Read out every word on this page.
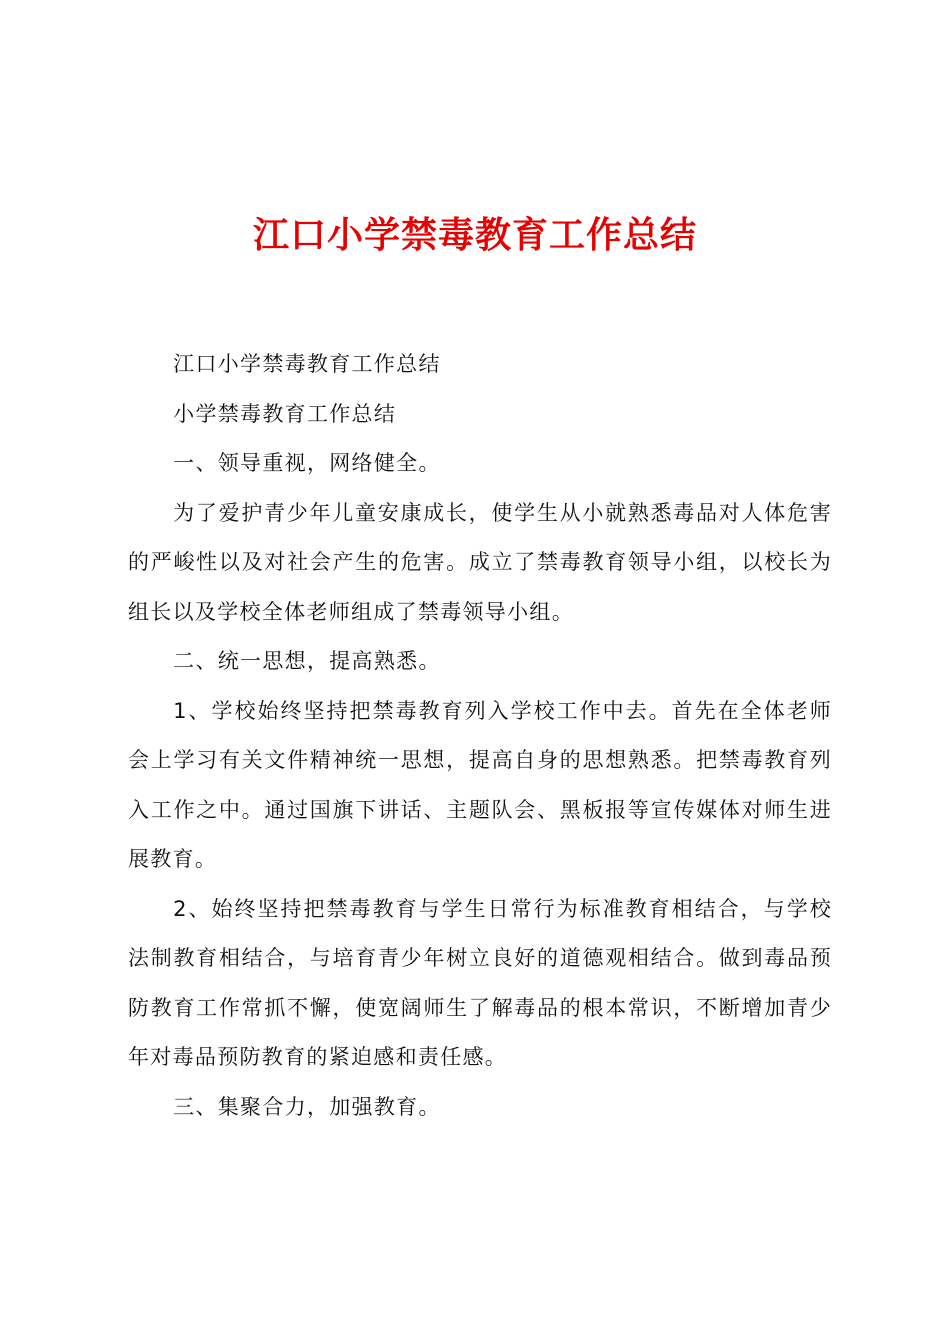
江口小学禁毒教育工作总结

江口小学禁毒教育工作总结

小学禁毒教育工作总结

一、领导重视，网络健全。

为了爱护青少年儿童安康成长，使学生从小就熟悉毒品对人体危害的严峻性以及对社会产生的危害。成立了禁毒教育领导小组，以校长为组长以及学校全体老师组成了禁毒领导小组。

二、统一思想，提高熟悉。

1、学校始终坚持把禁毒教育列入学校工作中去。首先在全体老师会上学习有关文件精神统一思想，提高自身的思想熟悉。把禁毒教育列入工作之中。通过国旗下讲话、主题队会、黑板报等宣传媒体对师生进展教育。

2、始终坚持把禁毒教育与学生日常行为标准教育相结合，与学校法制教育相结合，与培育青少年树立良好的道德观相结合。做到毒品预防教育工作常抓不懈，使宽阔师生了解毒品的根本常识，不断增加青少年对毒品预防教育的紧迫感和责任感。

三、集聚合力，加强教育。
